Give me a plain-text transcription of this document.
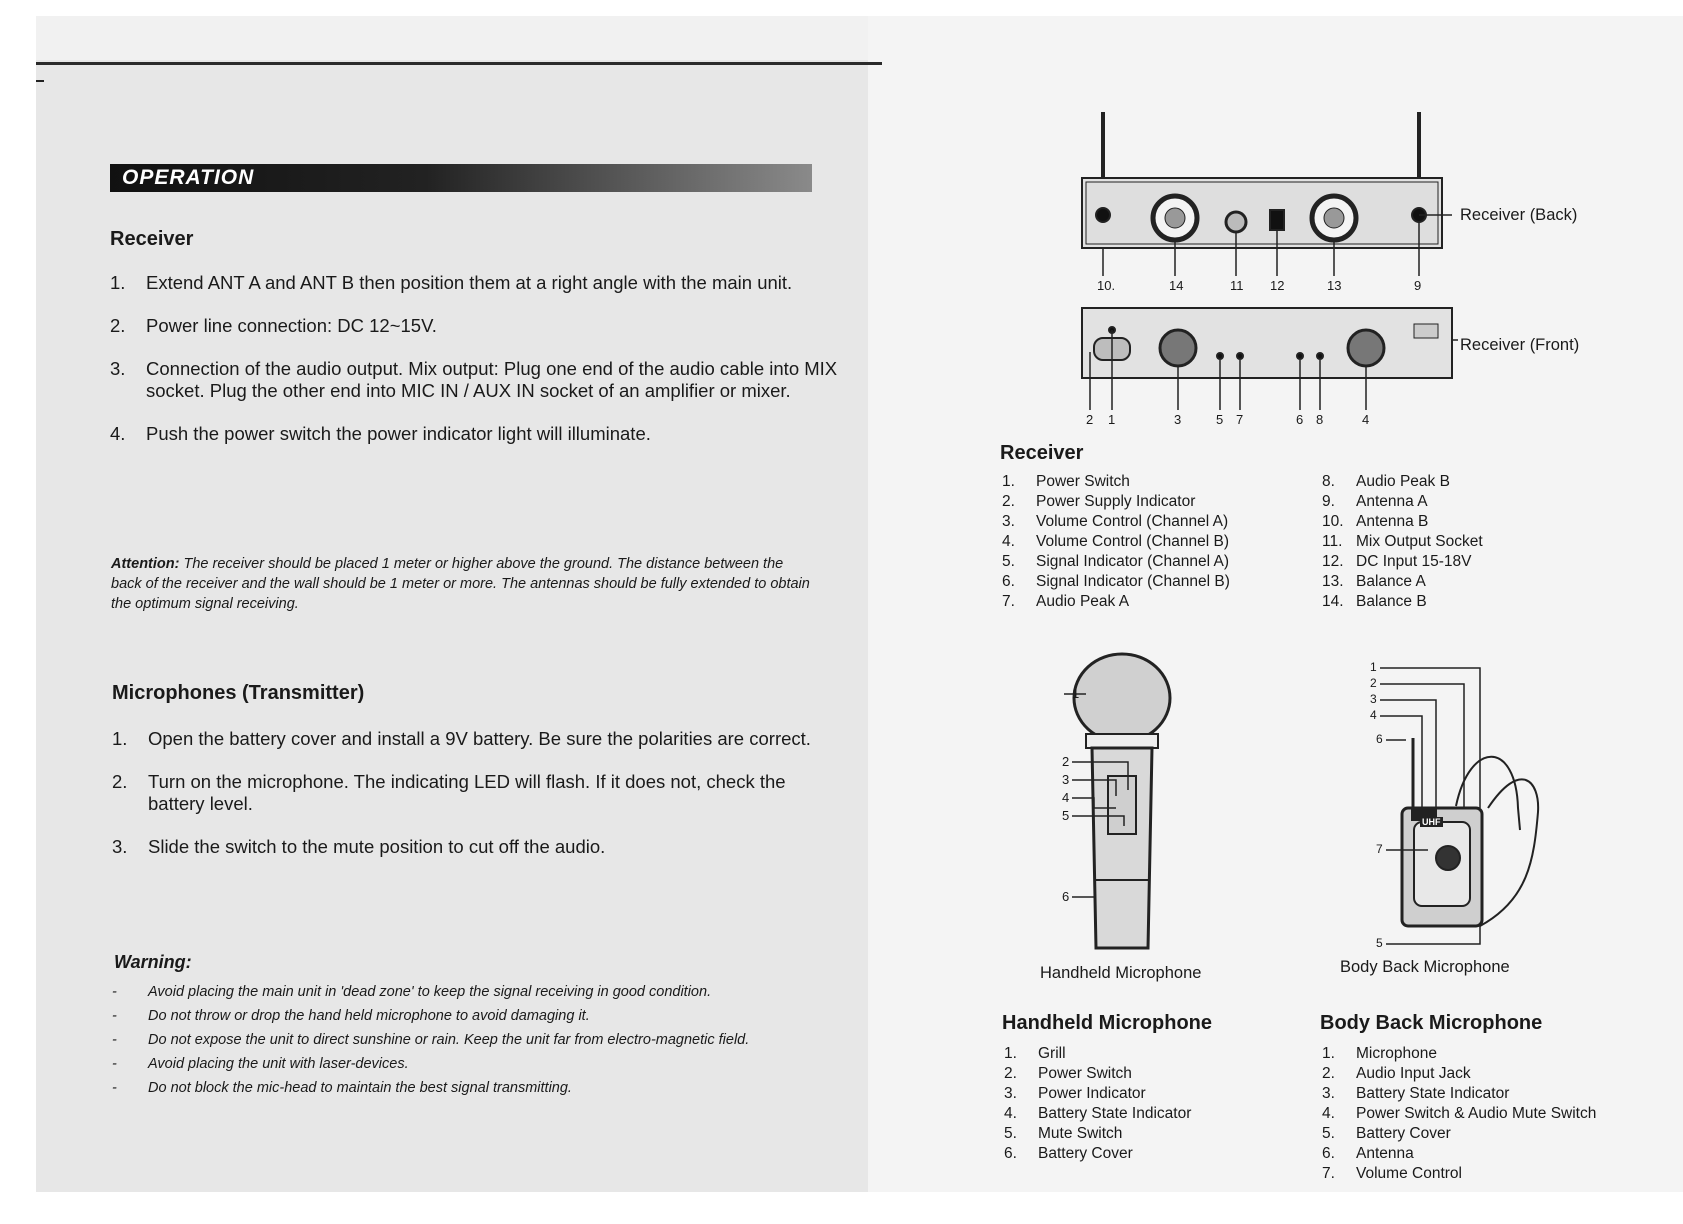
OPERATION
Receiver
1. Extend ANT A and ANT B then position them at a right angle with the main unit.
2. Power line connection: DC 12~15V.
3. Connection of the audio output. Mix output: Plug one end of the audio cable into MIX socket. Plug the other end into MIC IN / AUX IN socket of an amplifier or mixer.
4. Push the power switch the power indicator light will illuminate.
Attention: The receiver should be placed 1 meter or higher above the ground. The distance between the back of the receiver and the wall should be 1 meter or more. The antennas should be fully extended to obtain the optimum signal receiving.
Microphones (Transmitter)
1. Open the battery cover and install a 9V battery. Be sure the polarities are correct.
2. Turn on the microphone. The indicating LED will flash. If it does not, check the battery level.
3. Slide the switch to the mute position to cut off the audio.
Warning:
- Avoid placing the main unit in 'dead zone' to keep the signal receiving in good condition.
- Do not throw or drop the hand held microphone to avoid damaging it.
- Do not expose the unit to direct sunshine or rain. Keep the unit far from electro-magnetic field.
- Avoid placing the unit with laser-devices.
- Do not block the mic-head to maintain the best signal transmitting.
10.	14	11 12	13	9
Receiver (Back)
2 1	3	5 7	6 8	4
Receiver (Front)
Receiver
1. Power Switch
2. Power Supply Indicator
3. Volume Control (Channel A)
4. Volume Control (Channel B)
5. Signal Indicator (Channel A)
6. Signal Indicator (Channel B)
7. Audio Peak A
8. Audio Peak B
9. Antenna A
10. Antenna B
11. Mix Output Socket
12. DC Input 15-18V
13. Balance A
14. Balance B
1
2
3
4
5
6
1
2
3
4
6
7
5
UHF
Handheld Microphone	Body Back Microphone
Handheld Microphone
1. Grill
2. Power Switch
3. Power Indicator
4. Battery State Indicator
5. Mute Switch
6. Battery Cover
Body Back Microphone
1. Microphone
2. Audio Input Jack
3. Battery State Indicator
4. Power Switch & Audio Mute Switch
5. Battery Cover
6. Antenna
7. Volume Control
